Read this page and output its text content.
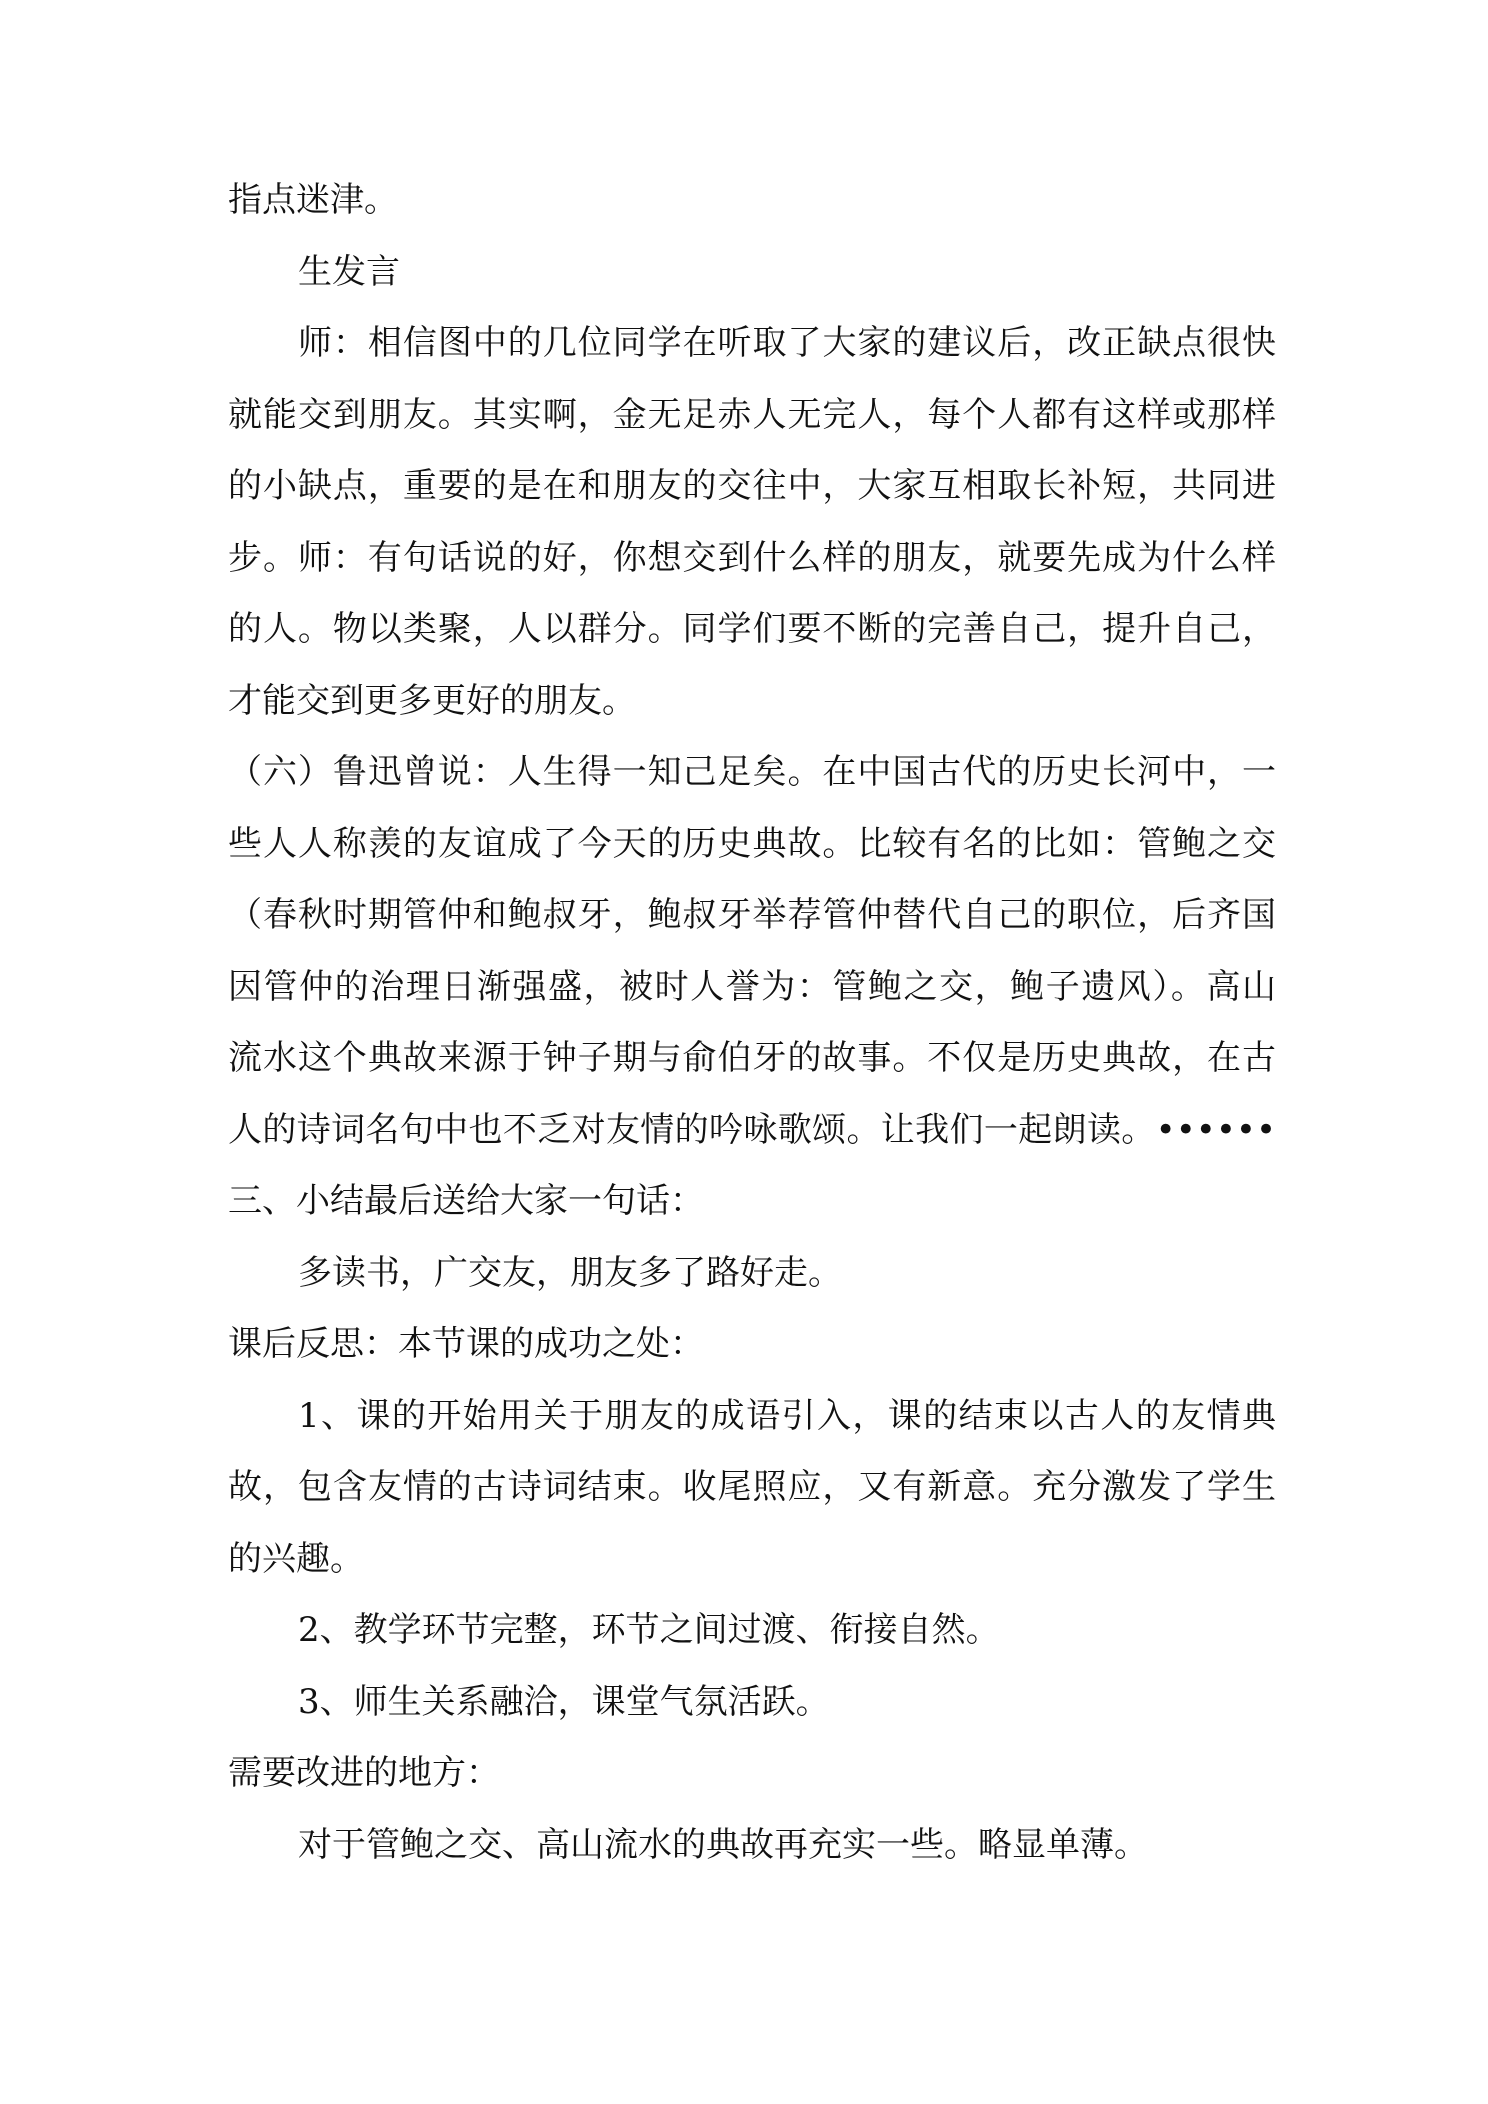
指点迷津。
生发言
师：相信图中的几位同学在听取了大家的建议后，改正缺点很快
就能交到朋友。其实啊，金无足赤人无完人，每个人都有这样或那样
的小缺点，重要的是在和朋友的交往中，大家互相取长补短，共同进
步。师：有句话说的好，你想交到什么样的朋友，就要先成为什么样
的人。物以类聚，人以群分。同学们要不断的完善自己，提升自己，
才能交到更多更好的朋友。
（六）鲁迅曾说：人生得一知己足矣。在中国古代的历史长河中，一
些人人称羡的友谊成了今天的历史典故。比较有名的比如：管鲍之交
（春秋时期管仲和鲍叔牙，鲍叔牙举荐管仲替代自己的职位，后齐国
因管仲的治理日渐强盛，被时人誉为：管鲍之交，鲍子遗风）。高山
流水这个典故来源于钟子期与俞伯牙的故事。不仅是历史典故，在古
人的诗词名句中也不乏对友情的吟咏歌颂。让我们一起朗读。••••••
三、小结最后送给大家一句话：
多读书，广交友，朋友多了路好走。
课后反思：本节课的成功之处：
1、课的开始用关于朋友的成语引入，课的结束以古人的友情典
故，包含友情的古诗词结束。收尾照应，又有新意。充分激发了学生
的兴趣。
2、教学环节完整，环节之间过渡、衔接自然。
3、师生关系融洽，课堂气氛活跃。
需要改进的地方：
对于管鲍之交、高山流水的典故再充实一些。略显单薄。
